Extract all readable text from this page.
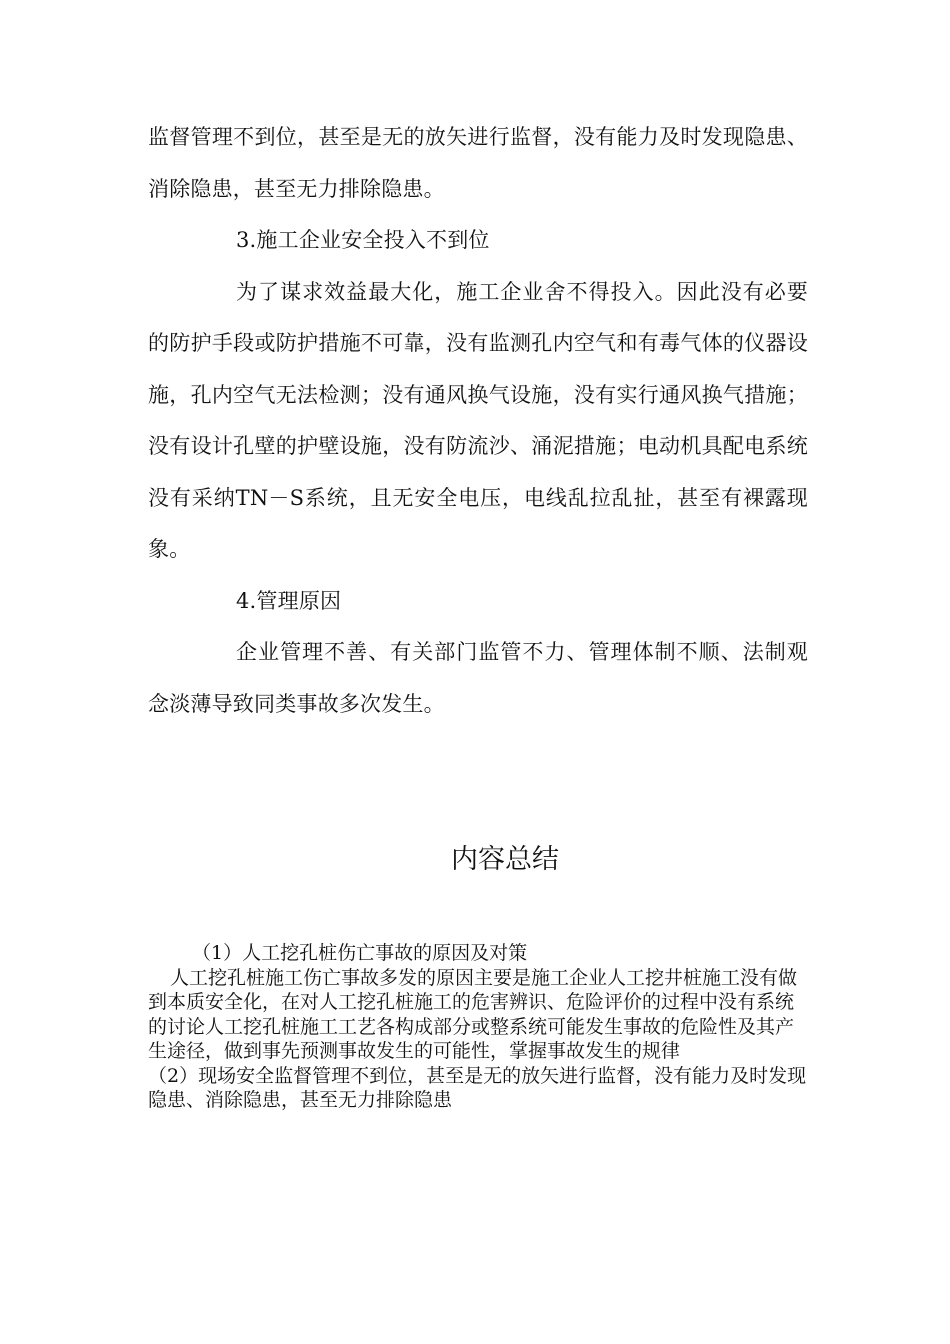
监督管理不到位，甚至是无的放矢进行监督，没有能力及时发现隐患、消除隐患，甚至无力排除隐患。

3.施工企业安全投入不到位

为了谋求效益最大化，施工企业舍不得投入。因此没有必要的防护手段或防护措施不可靠，没有监测孔内空气和有毒气体的仪器设施，孔内空气无法检测；没有通风换气设施，没有实行通风换气措施；没有设计孔壁的护壁设施，没有防流沙、涌泥措施；电动机具配电系统没有采纳TN－S系统，且无安全电压，电线乱拉乱扯，甚至有裸露现象。

4.管理原因

企业管理不善、有关部门监管不力、管理体制不顺、法制观念淡薄导致同类事故多次发生。

内容总结

（1）人工挖孔桩伤亡事故的原因及对策

人工挖孔桩施工伤亡事故多发的原因主要是施工企业人工挖井桩施工没有做到本质安全化，在对人工挖孔桩施工的危害辨识、危险评价的过程中没有系统的讨论人工挖孔桩施工工艺各构成部分或整系统可能发生事故的危险性及其产生途径，做到事先预测事故发生的可能性，掌握事故发生的规律

（2）现场安全监督管理不到位，甚至是无的放矢进行监督，没有能力及时发现隐患、消除隐患，甚至无力排除隐患
